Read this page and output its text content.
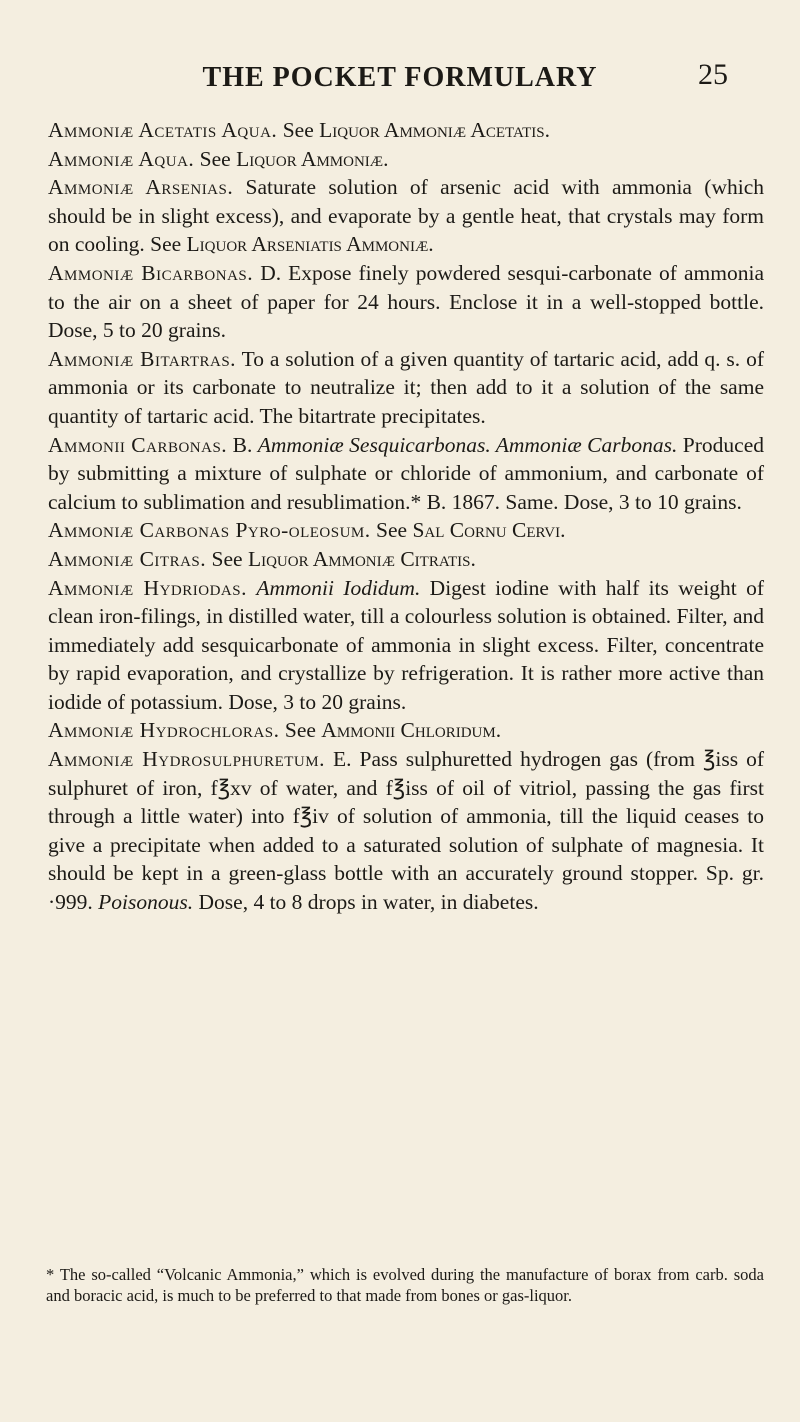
THE POCKET FORMULARY	25

Ammoniæ Acetatis Aqua. See Liquor Ammoniæ Acetatis.

Ammoniæ Aqua. See Liquor Ammoniæ.

Ammoniæ Arsenias. Saturate solution of arsenic acid with ammonia (which should be in slight excess), and evaporate by a gentle heat, that crystals may form on cooling. See Liquor Arseniatis Ammoniæ.

Ammoniæ Bicarbonas. D. Expose finely powdered sesqui-carbonate of ammonia to the air on a sheet of paper for 24 hours. Enclose it in a well-stopped bottle. Dose, 5 to 20 grains.

Ammoniæ Bitartras. To a solution of a given quantity of tartaric acid, add q. s. of ammonia or its carbonate to neutralize it; then add to it a solution of the same quantity of tartaric acid. The bitartrate precipitates.

Ammonii Carbonas. B. Ammoniæ Sesquicarbonas. Ammoniæ Carbonas. Produced by submitting a mixture of sulphate or chloride of ammonium, and carbonate of calcium to sublimation and resublimation.* B. 1867. Same. Dose, 3 to 10 grains.

Ammoniæ Carbonas Pyro-oleosum. See Sal Cornu Cervi.

Ammoniæ Citras. See Liquor Ammoniæ Citratis.

Ammoniæ Hydriodas. Ammonii Iodidum. Digest iodine with half its weight of clean iron-filings, in distilled water, till a colourless solution is obtained. Filter, and immediately add sesquicarbonate of ammonia in slight excess. Filter, concentrate by rapid evaporation, and crystallize by refrigeration. It is rather more active than iodide of potassium. Dose, 3 to 20 grains.

Ammoniæ Hydrochloras. See Ammonii Chloridum.

Ammoniæ Hydrosulphuretum. E. Pass sulphuretted hydrogen gas (from ℥iss of sulphuret of iron, f℥xv of water, and f℥iss of oil of vitriol, passing the gas first through a little water) into f℥iv of solution of ammonia, till the liquid ceases to give a precipitate when added to a saturated solution of sulphate of magnesia. It should be kept in a green-glass bottle with an accurately ground stopper. Sp. gr. ·999. Poisonous. Dose, 4 to 8 drops in water, in diabetes.

* The so-called “Volcanic Ammonia,” which is evolved during the manufacture of borax from carb. soda and boracic acid, is much to be preferred to that made from bones or gas-liquor.
